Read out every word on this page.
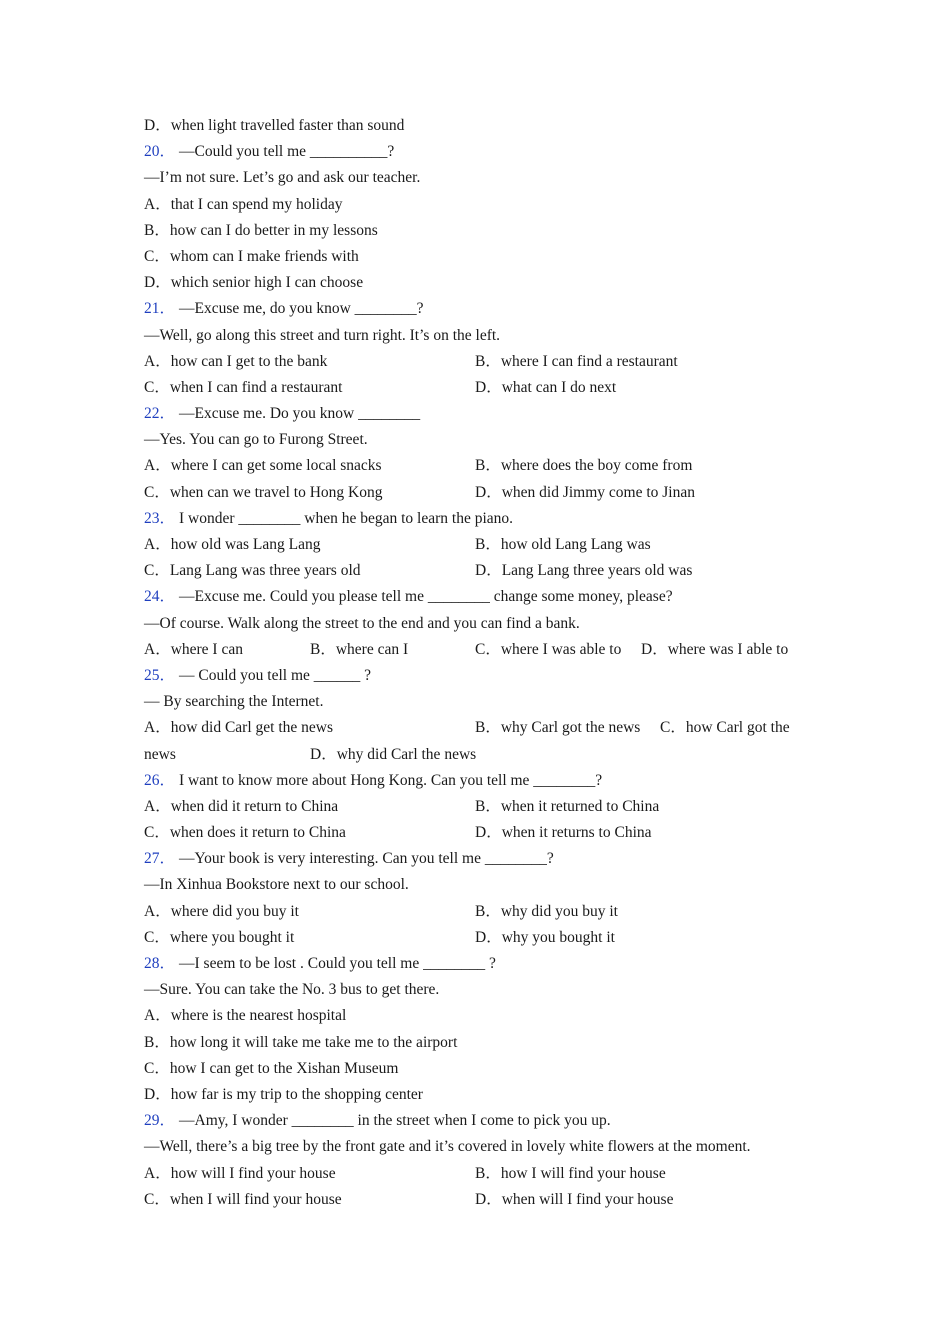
D．when light travelled faster than sound
20． —Could you tell me __________?
—I’m not sure. Let’s go and ask our teacher.
A．that I can spend my holiday
B．how can I do better in my lessons
C．whom can I make friends with
D．which senior high I can choose
21． —Excuse me, do you know ________?
—Well, go along this street and turn right. It’s on the left.
A．how can I get to the bank	B．where I can find a restaurant
C．when I can find a restaurant	D．what can I do next
22． —Excuse me. Do you know ________
—Yes. You can go to Furong Street.
A．where I can get some local snacks	B．where does the boy come from
C．when can we travel to Hong Kong	D．when did Jimmy come to Jinan
23． I wonder ________ when he began to learn the piano.
A．how old was Lang Lang	B．how old Lang Lang was
C．Lang Lang was three years old	D．Lang Lang three years old was
24． —Excuse me. Could you please tell me ________ change some money, please?
—Of course. Walk along the street to the end and you can find a bank.
A．where I can	B．where can I	C．where I was able to D．where was I able to
25． — Could you tell me ______ ?
— By searching the Internet.
A．how did Carl get the news	B．why Carl got the news C．how Carl got the
news	D．why did Carl the news
26． I want to know more about Hong Kong. Can you tell me ________?
A．when did it return to China	B．when it returned to China
C．when does it return to China	D．when it returns to China
27． —Your book is very interesting. Can you tell me ________?
—In Xinhua Bookstore next to our school.
A．where did you buy it	B．why did you buy it
C．where you bought it	D．why you bought it
28． —I seem to be lost . Could you tell me ________ ?
—Sure. You can take the No. 3 bus to get there.
A．where is the nearest hospital
B．how long it will take me take me to the airport
C．how I can get to the Xishan Museum
D．how far is my trip to the shopping center
29． —Amy, I wonder ________ in the street when I come to pick you up.
—Well, there’s a big tree by the front gate and it’s covered in lovely white flowers at the moment.
A．how will I find your house	B．how I will find your house
C．when I will find your house	D．when will I find your house
